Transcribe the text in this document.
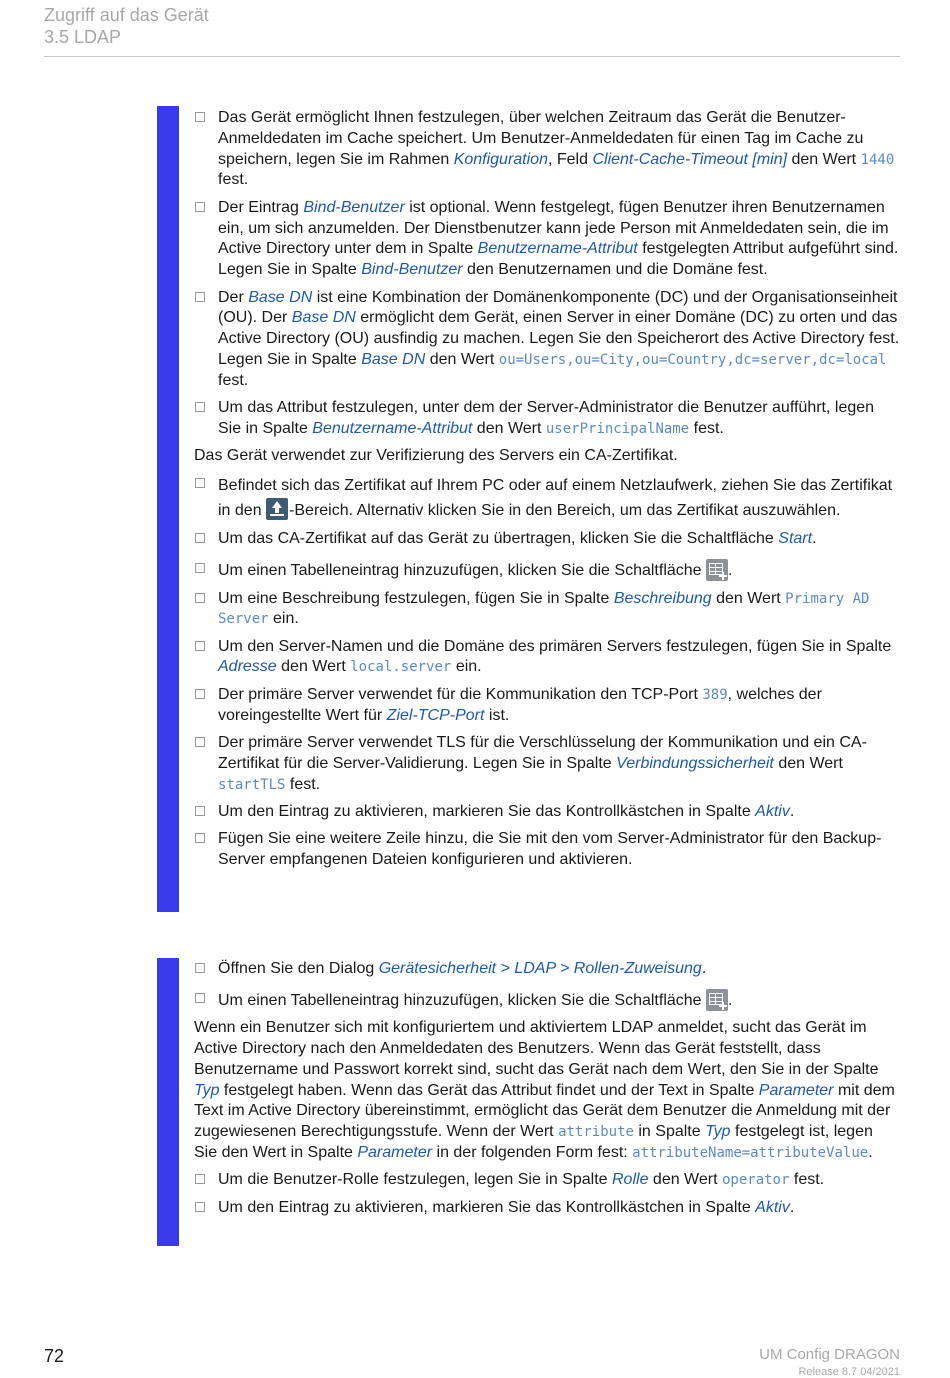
Zugriff auf das Gerät
3.5 LDAP
Das Gerät ermöglicht Ihnen festzulegen, über welchen Zeitraum das Gerät die Benutzer-Anmeldedaten im Cache speichert. Um Benutzer-Anmeldedaten für einen Tag im Cache zu speichern, legen Sie im Rahmen Konfiguration, Feld Client-Cache-Timeout [min] den Wert 1440 fest.
Der Eintrag Bind-Benutzer ist optional. Wenn festgelegt, fügen Benutzer ihren Benutzernamen ein, um sich anzumelden. Der Dienstbenutzer kann jede Person mit Anmeldedaten sein, die im Active Directory unter dem in Spalte Benutzername-Attribut festgelegten Attribut aufgeführt sind. Legen Sie in Spalte Bind-Benutzer den Benutzernamen und die Domäne fest.
Der Base DN ist eine Kombination der Domänenkomponente (DC) und der Organisationseinheit (OU). Der Base DN ermöglicht dem Gerät, einen Server in einer Domäne (DC) zu orten und das Active Directory (OU) ausfindig zu machen. Legen Sie den Speicherort des Active Directory fest. Legen Sie in Spalte Base DN den Wert ou=Users,ou=City,ou=Country,dc=server,dc=local fest.
Um das Attribut festzulegen, unter dem der Server-Administrator die Benutzer aufführt, legen Sie in Spalte Benutzername-Attribut den Wert userPrincipalName fest.
Das Gerät verwendet zur Verifizierung des Servers ein CA-Zertifikat.
Befindet sich das Zertifikat auf Ihrem PC oder auf einem Netzlaufwerk, ziehen Sie das Zertifikat in den
-Bereich. Alternativ klicken Sie in den Bereich, um das Zertifikat auszuwählen.
Um das CA-Zertifikat auf das Gerät zu übertragen, klicken Sie die Schaltfläche Start.
Um einen Tabelleneintrag hinzuzufügen, klicken Sie die Schaltfläche
.
Um eine Beschreibung festzulegen, fügen Sie in Spalte Beschreibung den Wert Primary AD Server ein.
Um den Server-Namen und die Domäne des primären Servers festzulegen, fügen Sie in Spalte Adresse den Wert local.server ein.
Der primäre Server verwendet für die Kommunikation den TCP-Port 389, welches der voreingestellte Wert für Ziel-TCP-Port ist.
Der primäre Server verwendet TLS für die Verschlüsselung der Kommunikation und ein CA-Zertifikat für die Server-Validierung. Legen Sie in Spalte Verbindungssicherheit den Wert startTLS fest.
Um den Eintrag zu aktivieren, markieren Sie das Kontrollkästchen in Spalte Aktiv.
Fügen Sie eine weitere Zeile hinzu, die Sie mit den vom Server-Administrator für den Backup-Server empfangenen Dateien konfigurieren und aktivieren.
Öffnen Sie den Dialog Gerätesicherheit > LDAP > Rollen-Zuweisung.
Um einen Tabelleneintrag hinzuzufügen, klicken Sie die Schaltfläche
.
Wenn ein Benutzer sich mit konfiguriertem und aktiviertem LDAP anmeldet, sucht das Gerät im Active Directory nach den Anmeldedaten des Benutzers. Wenn das Gerät feststellt, dass Benutzername und Passwort korrekt sind, sucht das Gerät nach dem Wert, den Sie in der Spalte Typ festgelegt haben. Wenn das Gerät das Attribut findet und der Text in Spalte Parameter mit dem Text im Active Directory übereinstimmt, ermöglicht das Gerät dem Benutzer die Anmeldung mit der zugewiesenen Berechtigungsstufe. Wenn der Wert attribute in Spalte Typ festgelegt ist, legen Sie den Wert in Spalte Parameter in der folgenden Form fest: attributeName=attributeValue.
Um die Benutzer-Rolle festzulegen, legen Sie in Spalte Rolle den Wert operator fest.
Um den Eintrag zu aktivieren, markieren Sie das Kontrollkästchen in Spalte Aktiv.
72	UM Config DRAGON
Release 8.7 04/2021
